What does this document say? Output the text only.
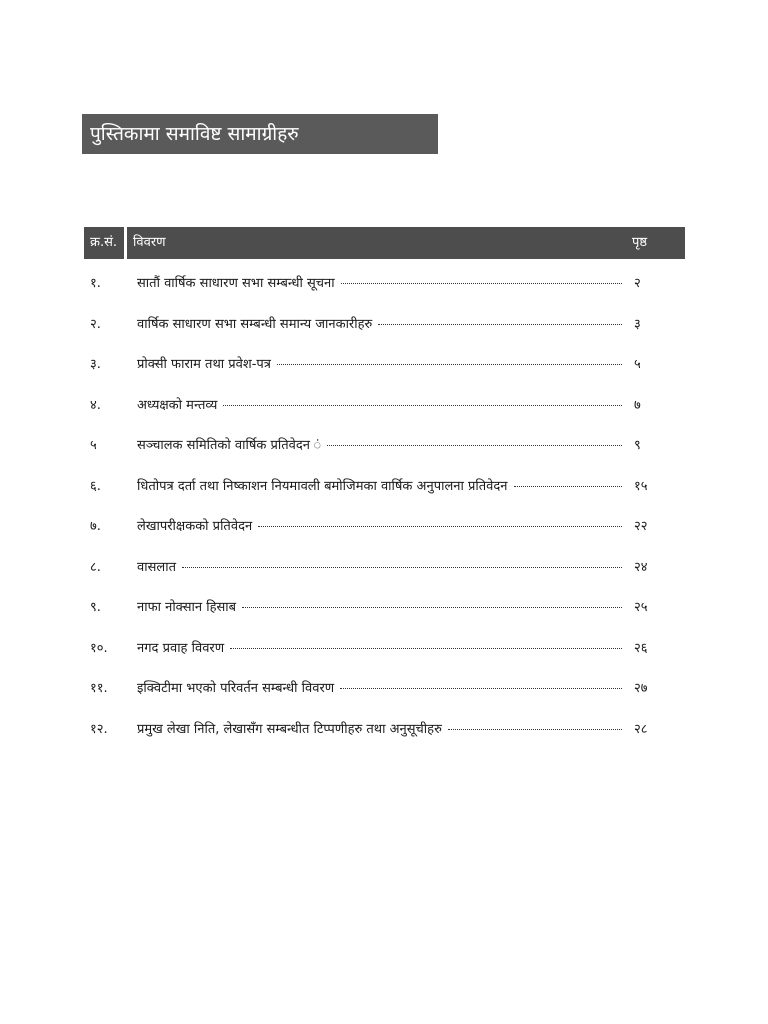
पुस्तिकामा समाविष्ट सामाग्रीहरु
क्र.सं.	विवरण	पृष्ठ
१.	सातौं वार्षिक साधारण सभा सम्बन्धी सूचना	२
२.	वार्षिक साधारण सभा सम्बन्धी समान्य जानकारीहरु	३
३.	प्रोक्सी फाराम तथा प्रवेश-पत्र	५
४.	अध्यक्षको मन्तव्य	७
५	सञ्चालक समितिको वार्षिक प्रतिवेदन ं	९
६.	धितोपत्र दर्ता तथा निष्काशन नियमावली बमोजिमका वार्षिक अनुपालना प्रतिवेदन	१५
७.	लेखापरीक्षकको प्रतिवेदन	२२
८.	वासलात	२४
९.	नाफा नोक्सान हिसाब	२५
१०. नगद प्रवाह विवरण	२६
११. इक्विटीमा भएको परिवर्तन सम्बन्धी विवरण	२७
१२. प्रमुख लेखा निति, लेखासँग सम्बन्धीत टिप्पणीहरु तथा अनुसूचीहरु	२८
